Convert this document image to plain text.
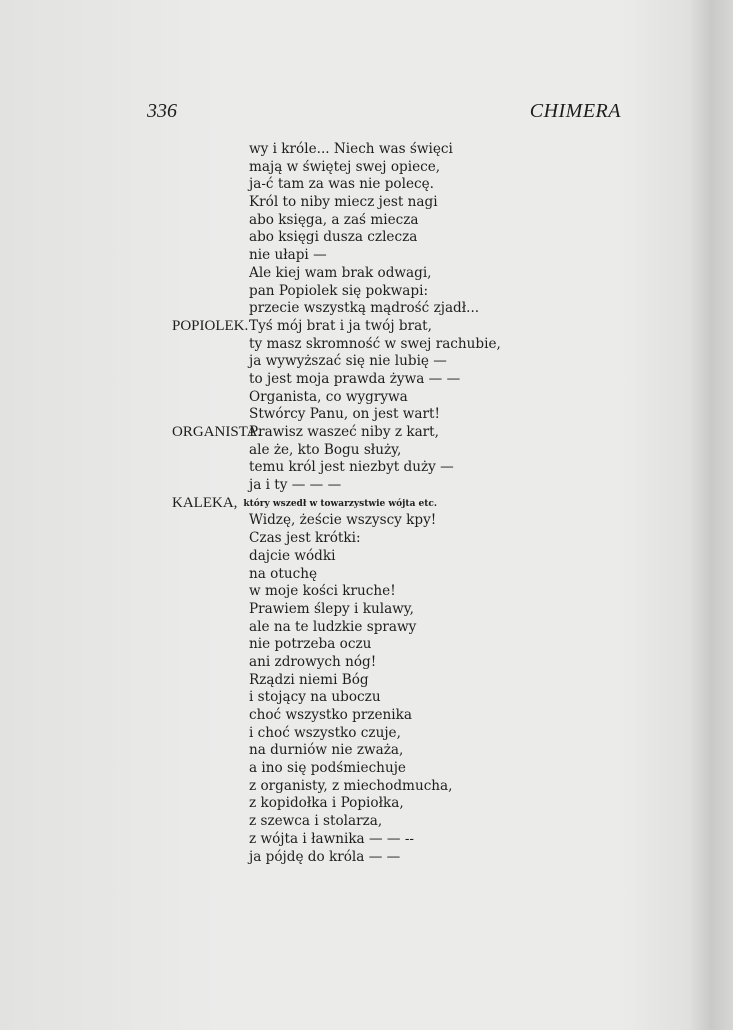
336	CHIMERA
wy i króle... Niech was święci
mają w świętej swej opiece,
ja-ć tam za was nie polecę.
Król to niby miecz jest nagi
abo księga, a zaś miecza
abo księgi dusza czlecza
nie ułapi —
Ale kiej wam brak odwagi,
pan Popiolek się pokwapi:
przecie wszystką mądrość zjadł...
POPIOLEK. Tyś mój brat i ja twój brat,
ty masz skromność w swej rachubie,
ja wywyższać się nie lubię —
to jest moja prawda żywa — —
Organista, co wygrywa
Stwórcy Panu, on jest wart!
ORGANISTA.
Prawisz waszeć niby z kart,
ale że, kto Bogu służy,
temu król jest niezbyt duży —
ja i ty — — —
KALEKA, który wszedł w towarzystwie wójta etc.
Widzę, żeście wszyscy kpy!
Czas jest krótki:
dajcie wódki
na otuchę
w moje kości kruche!
Prawiem ślepy i kulawy,
ale na te ludzkie sprawy
nie potrzeba oczu
ani zdrowych nóg!
Rządzi niemi Bóg
i stojący na uboczu
choć wszystko przenika
i choć wszystko czuje,
na durniów nie zważa,
a ino się podśmiechuje
z organisty, z miechodmucha,
z kopidołka i Popiołka,
z szewca i stolarza,
z wójta i ławnika — — --
ja pójdę do króla — —
